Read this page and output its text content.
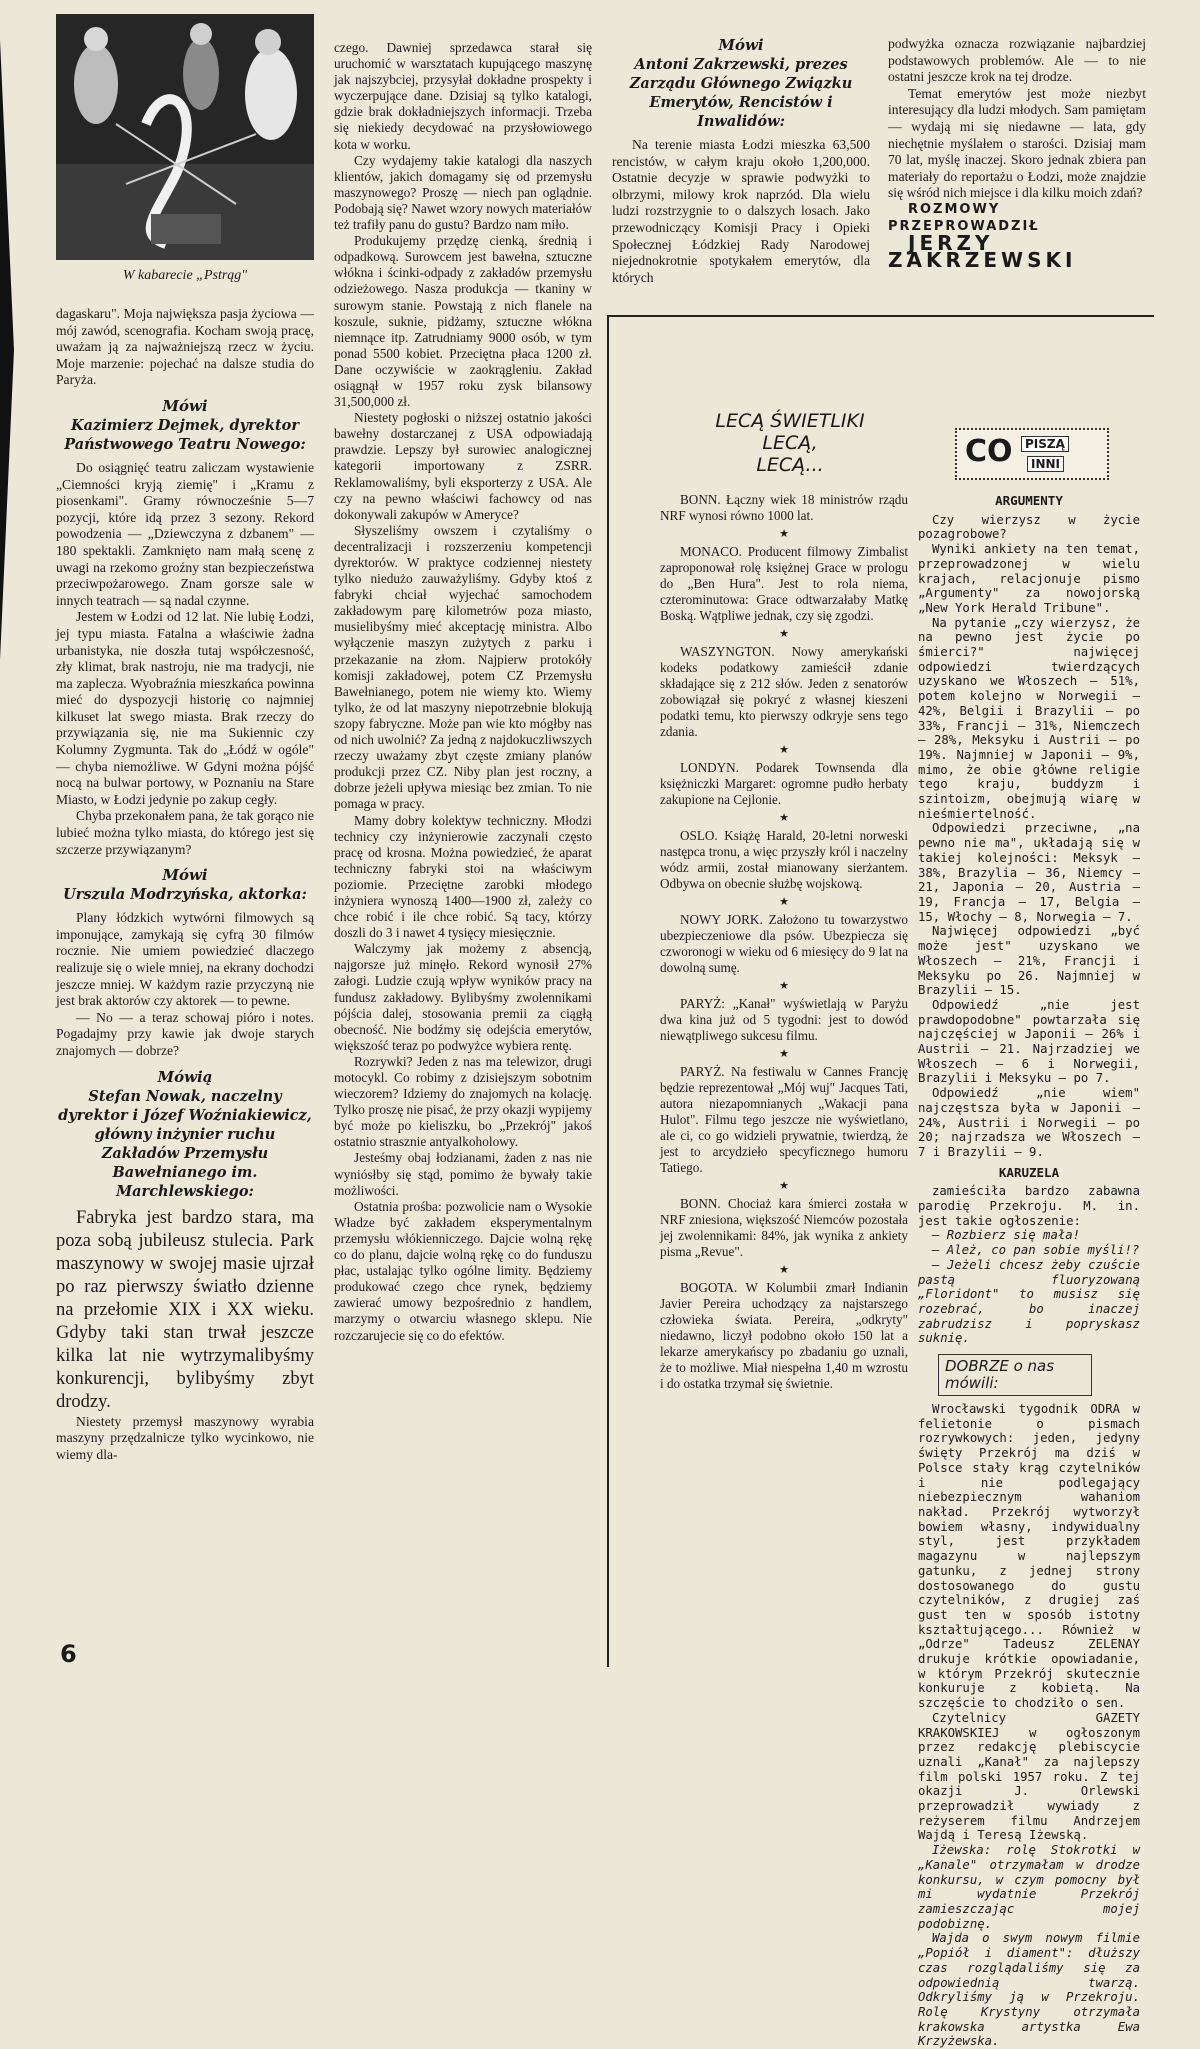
W kabarecie „Pstrąg"

dagaskaru". Moja największa pasja życiowa — mój zawód, scenografia. Kocham swoją pracę, uważam ją za najważniejszą rzecz w życiu. Moje marzenie: pojechać na dalsze studia do Paryża.

Mówi
Kazimierz Dejmek, dyrektor Państwowego Teatru Nowego:

Do osiągnięć teatru zaliczam wystawienie „Ciemności kryją ziemię" i „Kramu z piosenkami". Gramy równocześnie 5—7 pozycji, które idą przez 3 sezony. Rekord powodzenia — „Dziewczyna z dzbanem" — 180 spektakli. Zamknięto nam małą scenę z uwagi na rzekomo groźny stan bezpieczeństwa przeciwpożarowego. Znam gorsze sale w innych teatrach — są nadal czynne.

Jestem w Łodzi od 12 lat. Nie lubię Łodzi, jej typu miasta. Fatalna a właściwie żadna urbanistyka, nie doszła tutaj współczesność, zły klimat, brak nastroju, nie ma tradycji, nie ma zaplecza. Wyobraźnia mieszkańca powinna mieć do dyspozycji historię co najmniej kilkuset lat swego miasta. Brak rzeczy do przywiązania się, nie ma Sukiennic czy Kolumny Zygmunta. Tak do „Łódź w ogóle" — chyba niemożliwe. W Gdyni można pójść nocą na bulwar portowy, w Poznaniu na Stare Miasto, w Łodzi jedynie po zakup cegły.

Chyba przekonałem pana, że tak gorąco nie lubieć można tylko miasta, do którego jest się szczerze przywiązanym?

Mówi
Urszula Modrzyńska, aktorka:

Plany łódzkich wytwórni filmowych są imponujące, zamykają się cyfrą 30 filmów rocznie. Nie umiem powiedzieć dlaczego realizuje się o wiele mniej, na ekrany dochodzi jeszcze mniej. W każdym razie przyczyną nie jest brak aktorów czy aktorek — to pewne.

— No — a teraz schowaj pióro i notes. Pogadajmy przy kawie jak dwoje starych znajomych — dobrze?

Mówią
Stefan Nowak, naczelny dyrektor i Józef Woźniakiewicz, główny inżynier ruchu Zakładów Przemysłu Bawełnianego im. Marchlewskiego:

Fabryka jest bardzo stara, ma poza sobą jubileusz stulecia. Park maszynowy w swojej masie ujrzał po raz pierwszy światło dzienne na przełomie XIX i XX wieku. Gdyby taki stan trwał jeszcze kilka lat nie wytrzymalibyśmy konkurencji, bylibyśmy zbyt drodzy.

Niestety przemysł maszynowy wyrabia maszyny przędzalnicze tylko wycinkowo, nie wiemy dla-

czego. Dawniej sprzedawca starał się uruchomić w warsztatach kupującego maszynę jak najszybciej, przysyłał dokładne prospekty i wyczerpujące dane. Dzisiaj są tylko katalogi, gdzie brak dokładniejszych informacji. Trzeba się niekiedy decydować na przysłowiowego kota w worku.

Czy wydajemy takie katalogi dla naszych klientów, jakich domagamy się od przemysłu maszynowego? Proszę — niech pan oglądnie. Podobają się? Nawet wzory nowych materiałów też trafiły panu do gustu? Bardzo nam miło.

Produkujemy przędzę cienką, średnią i odpadkową. Surowcem jest bawełna, sztuczne włókna i ścinki-odpady z zakładów przemysłu odzieżowego. Nasza produkcja — tkaniny w surowym stanie. Powstają z nich flanele na koszule, suknie, pidżamy, sztuczne włókna niemnące itp. Zatrudniamy 9000 osób, w tym ponad 5500 kobiet. Przeciętna płaca 1200 zł. Dane oczywiście w zaokrągleniu. Zakład osiągnął w 1957 roku zysk bilansowy 31,500,000 zł.

Niestety pogłoski o niższej ostatnio jakości bawełny dostarczanej z USA odpowiadają prawdzie. Lepszy był surowiec analogicznej kategorii importowany z ZSRR. Reklamowaliśmy, byli eksporterzy z USA. Ale czy na pewno właściwi fachowcy od nas dokonywali zakupów w Ameryce?

Słyszeliśmy owszem i czytaliśmy o decentralizacji i rozszerzeniu kompetencji dyrektorów. W praktyce codziennej niestety tylko niedużo zauważyliśmy. Gdyby ktoś z fabryki chciał wyjechać samochodem zakładowym parę kilometrów poza miasto, musielibyśmy mieć akceptację ministra. Albo wyłączenie maszyn zużytych z parku i przekazanie na złom. Najpierw protokóły komisji zakładowej, potem CZ Przemysłu Bawełnianego, potem nie wiemy kto. Wiemy tylko, że od lat maszyny niepotrzebnie blokują szopy fabryczne. Może pan wie kto mógłby nas od nich uwolnić? Za jedną z najdokuczliwszych rzeczy uważamy zbyt częste zmiany planów produkcji przez CZ. Niby plan jest roczny, a dobrze jeżeli upływa miesiąc bez zmian. To nie pomaga w pracy.

Mamy dobry kolektyw techniczny. Młodzi technicy czy inżynierowie zaczynali często pracę od krosna. Można powiedzieć, że aparat techniczny fabryki stoi na właściwym poziomie. Przeciętne zarobki młodego inżyniera wynoszą 1400—1900 zł, zależy co chce robić i ile chce robić. Są tacy, którzy doszli do 3 i nawet 4 tysięcy miesięcznie.

Walczymy jak możemy z absencją, najgorsze już minęło. Rekord wynosił 27% załogi. Ludzie czują wpływ wyników pracy na fundusz zakładowy. Bylibyśmy zwolennikami pójścia dalej, stosowania premii za ciągłą obecność. Nie bodźmy się odejścia emerytów, większość teraz po podwyżce wybiera rentę.

Rozrywki? Jeden z nas ma telewizor, drugi motocykl. Co robimy z dzisiejszym sobotnim wieczorem? Idziemy do znajomych na kolację. Tylko proszę nie pisać, że przy okazji wypijemy być może po kieliszku, bo „Przekrój" jakoś ostatnio strasznie antyalkoholowy.

Jesteśmy obaj łodzianami, żaden z nas nie wyniósłby się stąd, pomimo że bywały takie możliwości.

Ostatnia prośba: pozwolicie nam o Wysokie Władze być zakładem eksperymentalnym przemysłu włókienniczego. Dajcie wolną rękę co do planu, dajcie wolną rękę co do funduszu płac, ustalając tylko ogólne limity. Będziemy produkować czego chce rynek, będziemy zawierać umowy bezpośrednio z handlem, marzymy o otwarciu własnego sklepu. Nie rozczarujecie się co do efektów.

Mówi
Antoni Zakrzewski, prezes Zarządu Głównego Związku Emerytów, Rencistów i Inwalidów:

Na terenie miasta Łodzi mieszka 63,500 rencistów, w całym kraju około 1,200,000. Ostatnie decyzje w sprawie podwyżki to olbrzymi, milowy krok naprzód. Dla wielu ludzi rozstrzygnie to o dalszych losach. Jako przewodniczący Komisji Pracy i Opieki Społecznej Łódzkiej Rady Narodowej niejednokrotnie spotykałem emerytów, dla których

podwyżka oznacza rozwiązanie najbardziej podstawowych problemów. Ale — to nie ostatni jeszcze krok na tej drodze.

Temat emerytów jest może niezbyt interesujący dla ludzi młodych. Sam pamiętam — wydają mi się niedawne — lata, gdy niechętnie myślałem o starości. Dzisiaj mam 70 lat, myślę inaczej. Skoro jednak zbiera pan materiały do reportażu o Łodzi, może znajdzie się wśród nich miejsce i dla kilku moich zdań?

ROZMOWY PRZEPROWADZIŁ

JERZY ZAKRZEWSKI

LECĄ ŚWIETLIKI
LECĄ,
LECĄ...

BONN. Łączny wiek 18 ministrów rządu NRF wynosi równo 1000 lat.

★

MONACO. Producent filmowy Zimbalist zaproponował rolę księżnej Grace w prologu do „Ben Hura". Jest to rola niema, czterominutowa: Grace odtwarzałaby Matkę Boską. Wątpliwe jednak, czy się zgodzi.

★

WASZYNGTON. Nowy amerykański kodeks podatkowy zamieścił zdanie składające się z 212 słów. Jeden z senatorów zobowiązał się pokryć z własnej kieszeni podatki temu, kto pierwszy odkryje sens tego zdania.

★

LONDYN. Podarek Townsenda dla księżniczki Margaret: ogromne pudło herbaty zakupione na Cejlonie.

★

OSLO. Książę Harald, 20-letni norweski następca tronu, a więc przyszły król i naczelny wódz armii, został mianowany sierżantem. Odbywa on obecnie służbę wojskową.

★

NOWY JORK. Założono tu towarzystwo ubezpieczeniowe dla psów. Ubezpiecza się czworonogi w wieku od 6 miesięcy do 9 lat na dowolną sumę.

★

PARYŻ: „Kanał" wyświetlają w Paryżu dwa kina już od 5 tygodni: jest to dowód niewątpliwego sukcesu filmu.

★

PARYŻ. Na festiwalu w Cannes Francję będzie reprezentował „Mój wuj" Jacques Tati, autora niezapomnianych „Wakacji pana Hulot". Filmu tego jeszcze nie wyświetlano, ale ci, co go widzieli prywatnie, twierdzą, że jest to arcydzieło specyficznego humoru Tatiego.

★

BONN. Chociaż kara śmierci została w NRF zniesiona, większość Niemców pozostała jej zwolennikami: 84%, jak wynika z ankiety pisma „Revue".

★

BOGOTA. W Kolumbii zmarł Indianin Javier Pereira uchodzący za najstarszego człowieka świata. Pereira, „odkryty" niedawno, liczył podobno około 150 lat a lekarze amerykańscy po zbadaniu go uznali, że to możliwe. Miał niespełna 1,40 m wzrostu i do ostatka trzymał się świetnie.

CO	PISZĄ
INNI

ARGUMENTY

Czy wierzysz w życie pozagrobowe?

Wyniki ankiety na ten temat, przeprowadzonej w wielu krajach, relacjonuje pismo „Argumenty" za nowojorską „New York Herald Tribune".

Na pytanie „czy wierzysz, że na pewno jest życie po śmierci?" najwięcej odpowiedzi twierdzących uzyskano we Włoszech — 51%, potem kolejno w Norwegii — 42%, Belgii i Brazylii — po 33%, Francji — 31%, Niemczech — 28%, Meksyku i Austrii — po 19%. Najmniej w Japonii — 9%, mimo, że obie główne religie tego kraju, buddyzm i szintoizm, obejmują wiarę w nieśmiertelność.

Odpowiedzi przeciwne, „na pewno nie ma", układają się w takiej kolejności: Meksyk — 38%, Brazylia — 36, Niemcy — 21, Japonia — 20, Austria — 19, Francja — 17, Belgia — 15, Włochy — 8, Norwegia — 7.

Najwięcej odpowiedzi „być może jest" uzyskano we Włoszech — 21%, Francji i Meksyku po 26. Najmniej w Brazylii — 15.

Odpowiedź „nie jest prawdopodobne" powtarzała się najczęściej w Japonii — 26% i Austrii — 21. Najrzadziej we Włoszech — 6 i Norwegii, Brazylii i Meksyku — po 7.

Odpowiedź „nie wiem" najczęstsza była w Japonii — 24%, Austrii i Norwegii — po 20; najrzadsza we Włoszech — 7 i Brazylii — 9.

KARUZELA

zamieściła bardzo zabawna parodię Przekroju. M. in. jest takie ogłoszenie:

— Rozbierz się mała!

— Ależ, co pan sobie myśli!?

— Jeżeli chcesz żeby czuście pastą fluoryzowaną „Floridont" to musisz się rozebrać, bo inaczej zabrudzisz i popryskasz suknię.

DOBRZE o nas
mówili:

Wrocławski tygodnik ODRA w felietonie o pismach rozrywkowych: jeden, jedyny święty Przekrój ma dziś w Polsce stały krąg czytelników i nie podlegający niebezpiecznym wahaniom nakład. Przekrój wytworzył bowiem własny, indywidualny styl, jest przykładem magazynu w najlepszym gatunku, z jednej strony dostosowanego do gustu czytelników, z drugiej zaś gust ten w sposób istotny kształtującego... Również w „Odrze" Tadeusz ZELENAY drukuje krótkie opowiadanie, w którym Przekrój skutecznie konkuruje z kobietą. Na szczęście to chodziło o sen.

Czytelnicy GAZETY KRAKOWSKIEJ w ogłoszonym przez redakcję plebiscycie uznali „Kanał" za najlepszy film polski 1957 roku. Z tej okazji J. Orlewski przeprowadził wywiady z reżyserem filmu Andrzejem Wajdą i Teresą Iżewską.

Iżewska: rolę Stokrotki w „Kanale" otrzymałam w drodze konkursu, w czym pomocny był mi wydatnie Przekrój zamieszczając mojej podobiznę.

Wajda o swym nowym filmie „Popiół i diament": dłuższy czas rozglądaliśmy się za odpowiednią twarzą. Odkryliśmy ją w Przekroju. Rolę Krystyny otrzymała krakowska artystka Ewa Krzyżewska.

6
